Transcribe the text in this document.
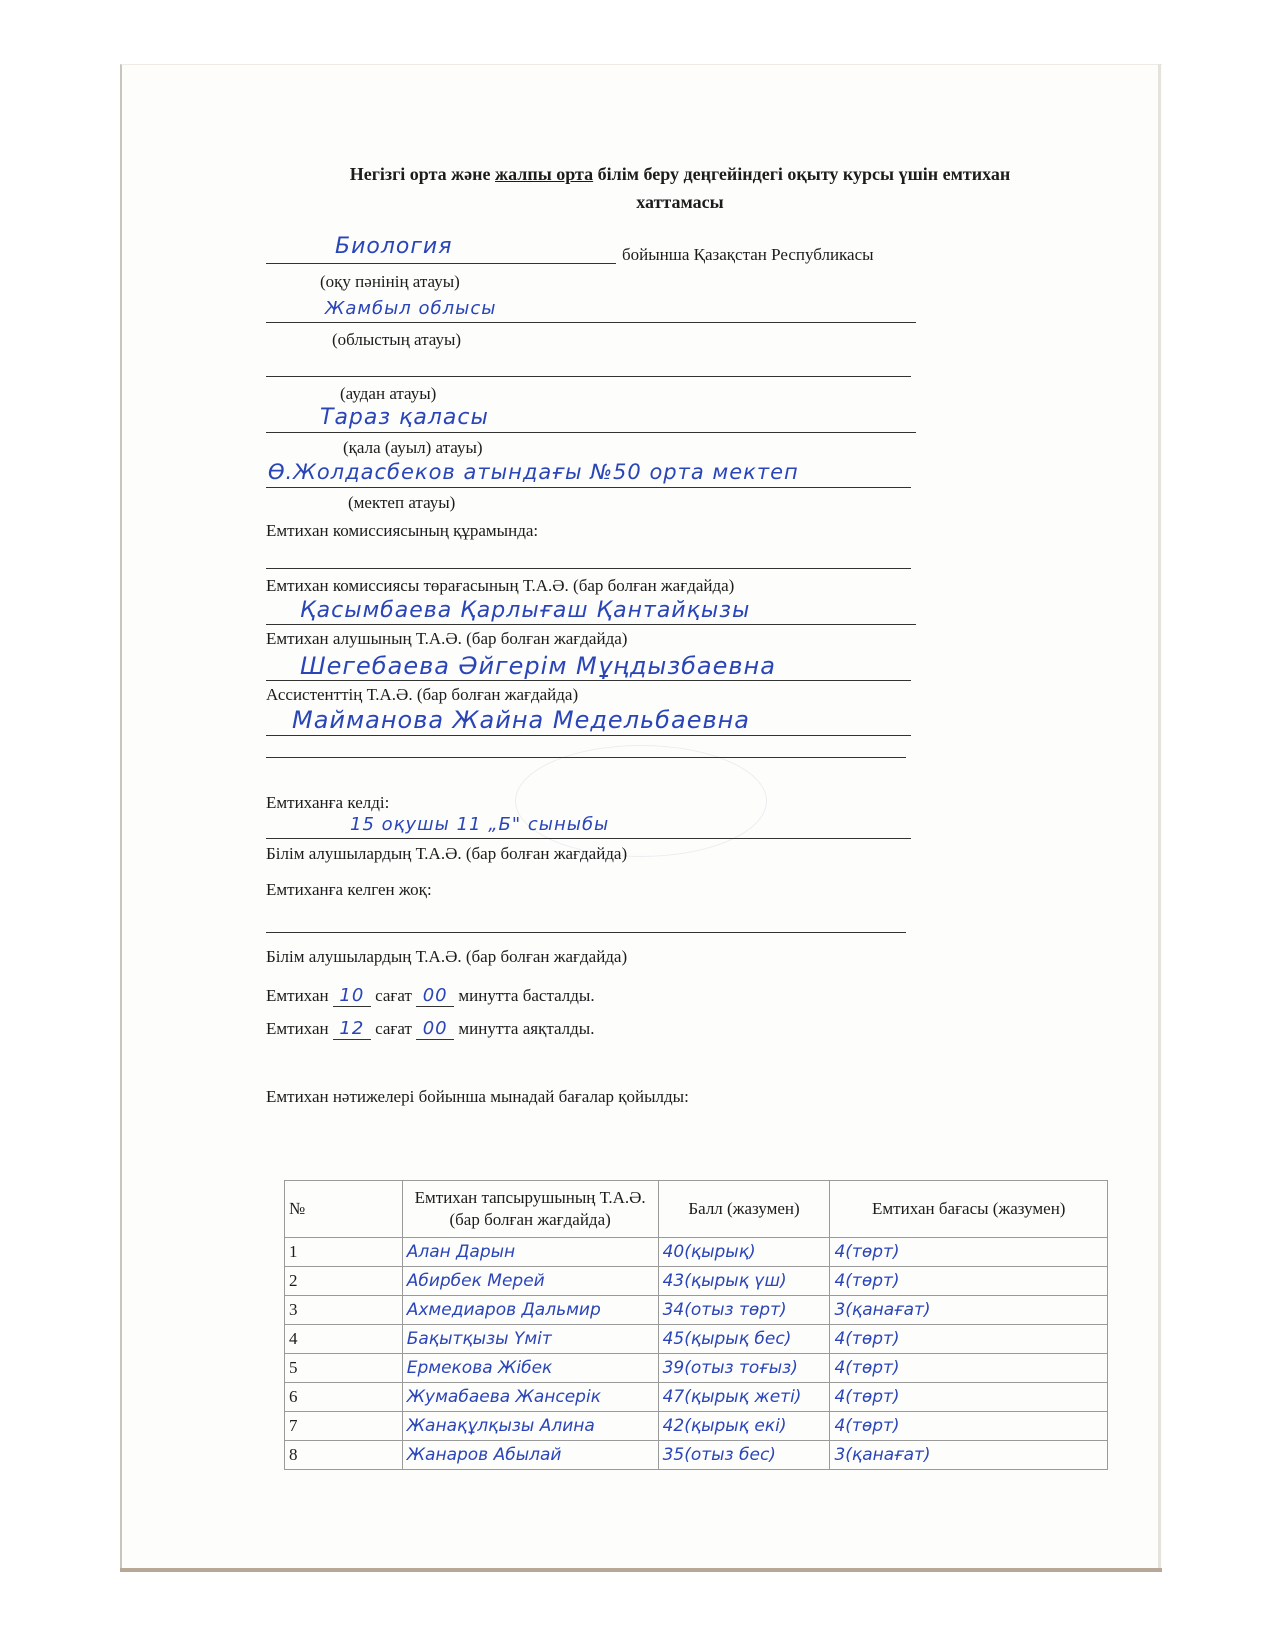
Негізгі орта және жалпы орта білім беру деңгейіндегі оқыту курсы үшін емтихан
хаттамасы
Биология	бойынша Қазақстан Республикасы
(оқу пәнінің атауы)
Жамбыл облысы
(облыстың атауы)
(аудан атауы)
Тараз қаласы
(қала (ауыл) атауы)
Ө.Жолдасбеков атындағы №50 орта мектеп
(мектеп атауы)
Емтихан комиссиясының құрамында:
Емтихан комиссиясы төрағасының Т.А.Ә. (бар болған жағдайда)
Қасымбаева Қарлығаш Қантайқызы
Емтихан алушының Т.А.Ә. (бар болған жағдайда)
Шегебаева Әйгерім Мұңдызбаевна
Ассистенттің Т.А.Ә. (бар болған жағдайда)
Майманова Жайна Медельбаевна
Емтиханға келді:
15 оқушы 11 „Б" сыныбы
Білім алушылардың Т.А.Ә. (бар болған жағдайда)
Емтиханға келген жоқ:
Білім алушылардың Т.А.Ә. (бар болған жағдайда)
Емтихан 10 сағат 00 минутта басталды.
Емтихан 12 сағат 00 минутта аяқталды.
Емтихан нәтижелері бойынша мынадай бағалар қойылды:
№	Емтихан тапсырушының Т.А.Ә. (бар болған жағдайда)	Балл (жазумен)	Емтихан бағасы (жазумен)
1	Алан Дарын	40(қырық)	4(төрт)
2	Абирбек Мерей	43(қырық үш)	4(төрт)
3	Ахмедиаров Дальмир	34(отыз төрт)	3(қанағат)
4	Бақытқызы Үміт	45(қырық бес)	4(төрт)
5	Ермекова Жібек	39(отыз тоғыз)	4(төрт)
6	Жумабаева Жансерік	47(қырық жеті)	4(төрт)
7	Жанақұлқызы Алина	42(қырық екі)	4(төрт)
8	Жанаров Абылай	35(отыз бес)	3(қанағат)
